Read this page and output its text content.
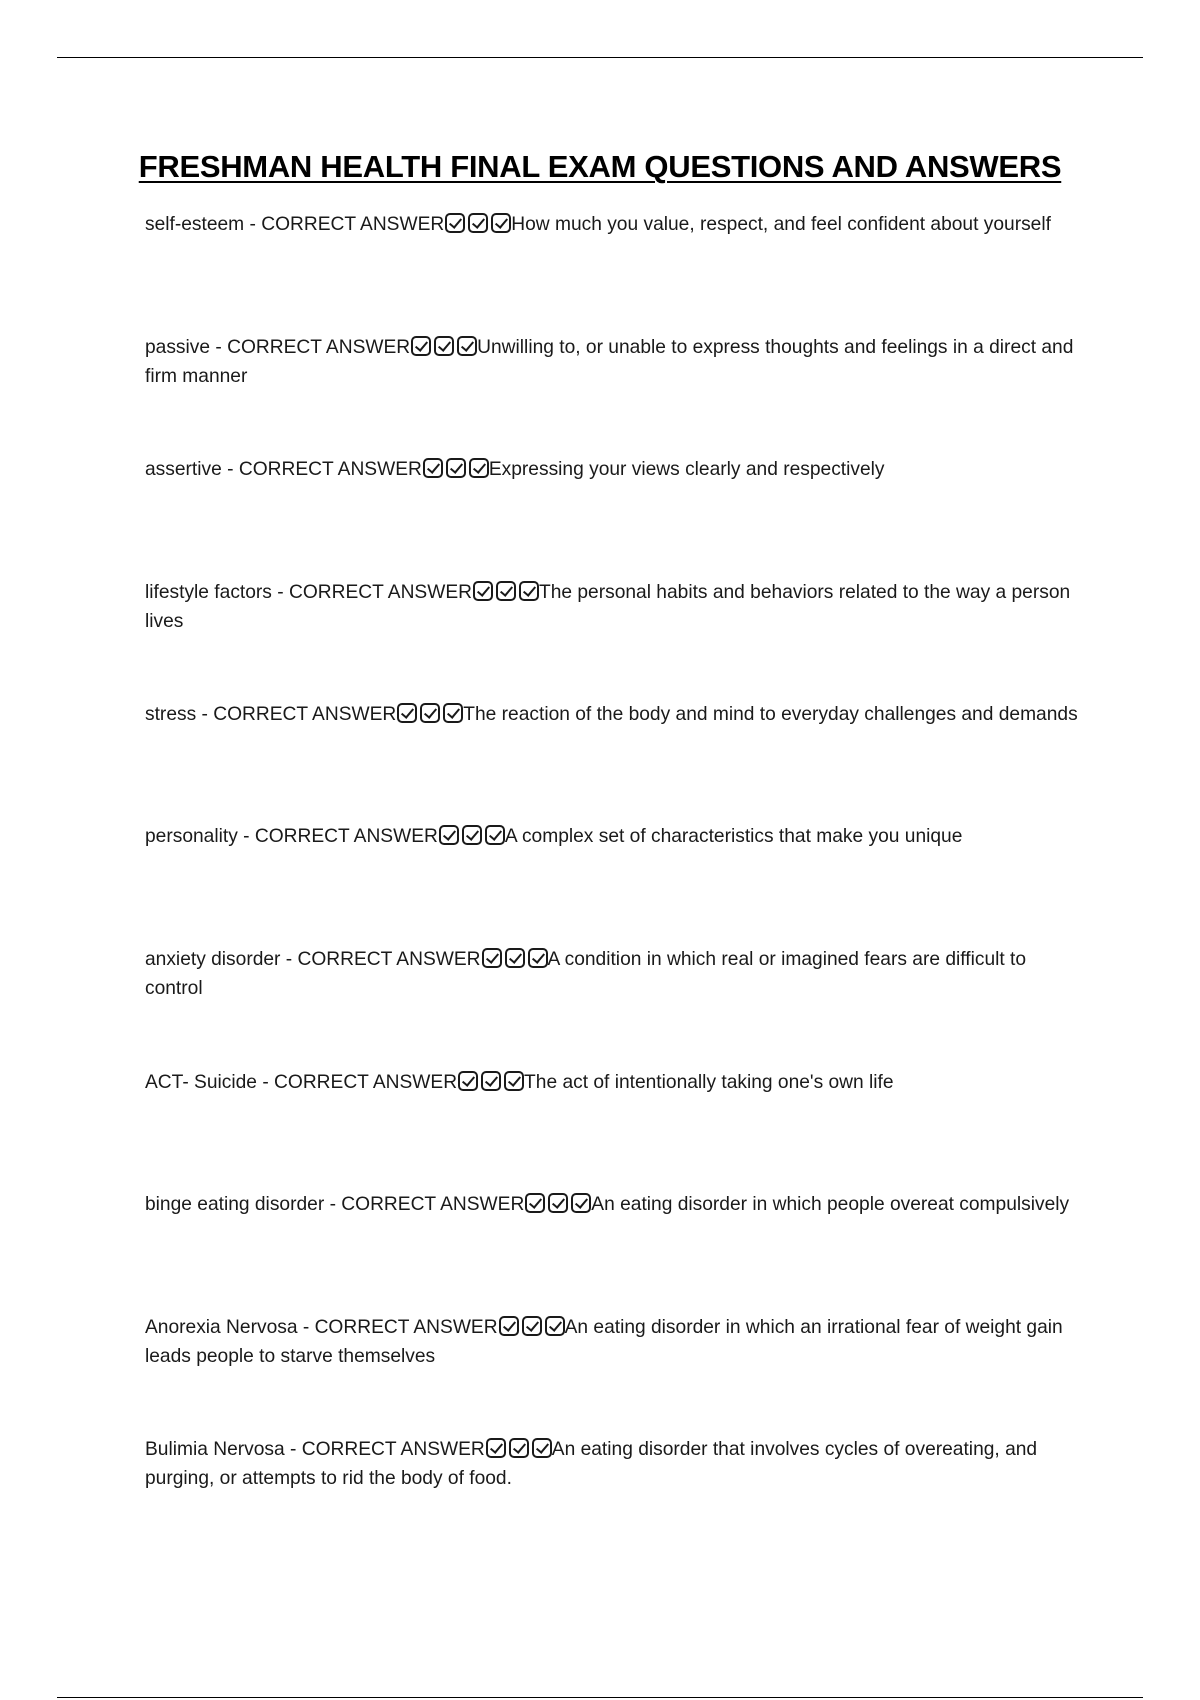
FRESHMAN HEALTH FINAL EXAM QUESTIONS AND ANSWERS
self-esteem - CORRECT ANSWER	How much you value, respect, and feel confident about yourself
passive - CORRECT ANSWER	Unwilling to, or unable to express thoughts and feelings in a direct and firm manner
assertive - CORRECT ANSWER	Expressing your views clearly and respectively
lifestyle factors - CORRECT ANSWER	The personal habits and behaviors related to the way a person lives
stress - CORRECT ANSWER	The reaction of the body and mind to everyday challenges and demands
personality - CORRECT ANSWER	A complex set of characteristics that make you unique
anxiety disorder - CORRECT ANSWER	A condition in which real or imagined fears are difficult to control
ACT- Suicide - CORRECT ANSWER	The act of intentionally taking one's own life
binge eating disorder - CORRECT ANSWER	An eating disorder in which people overeat compulsively
Anorexia Nervosa - CORRECT ANSWER	An eating disorder in which an irrational fear of weight gain leads people to starve themselves
Bulimia Nervosa - CORRECT ANSWER	An eating disorder that involves cycles of overeating, and purging, or attempts to rid the body of food.
